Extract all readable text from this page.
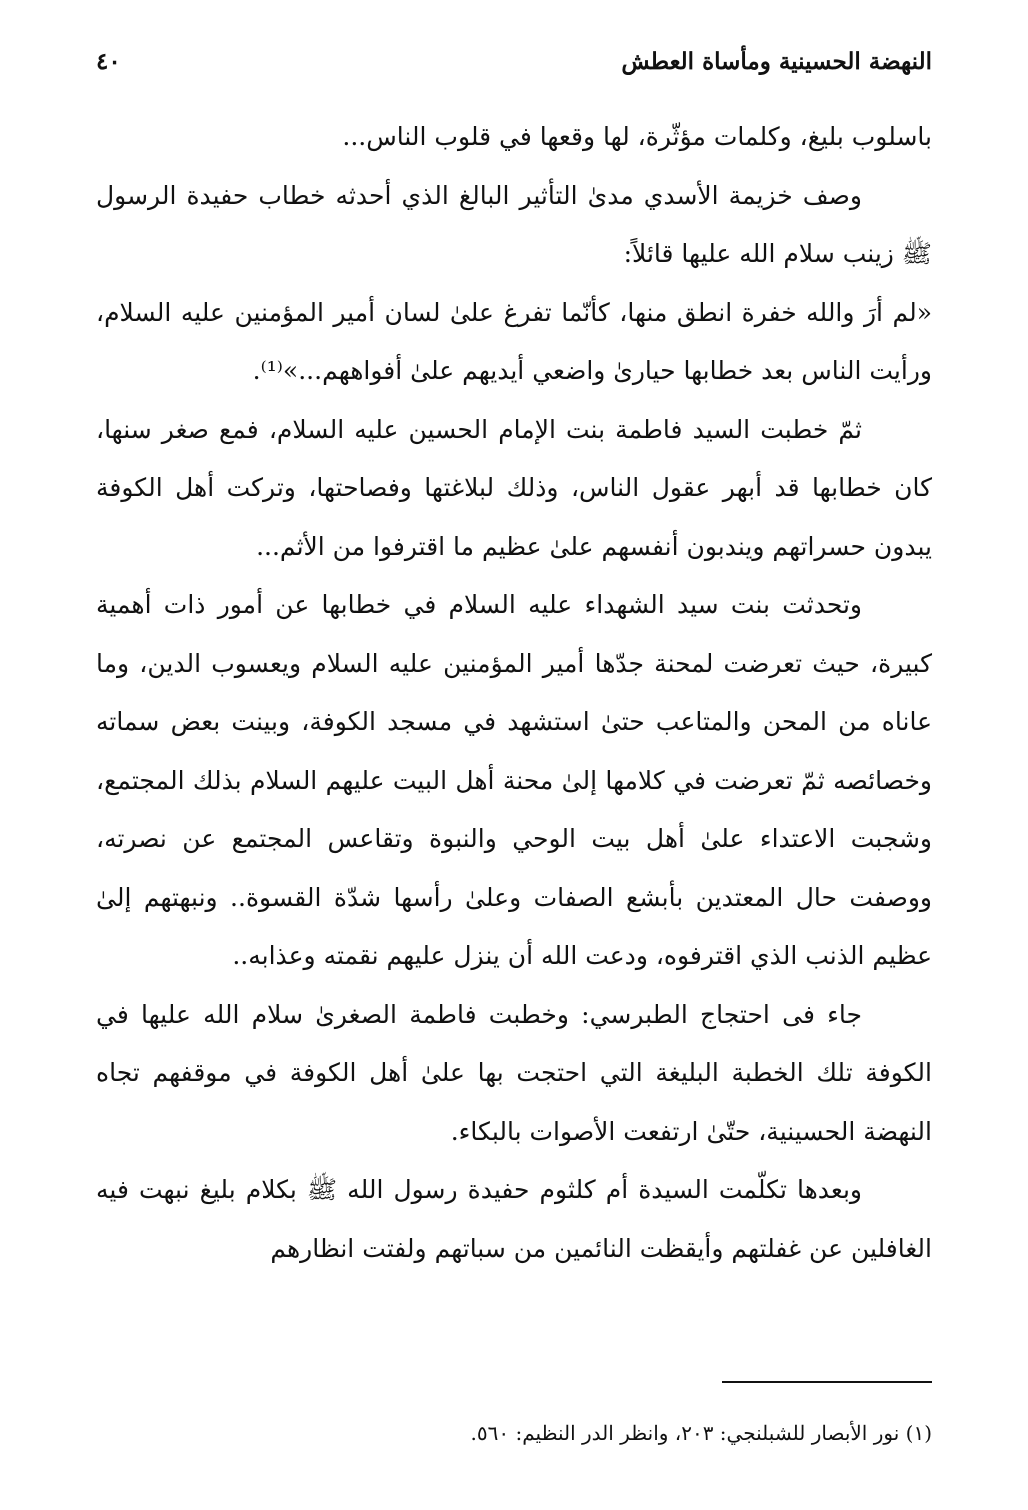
النهضة الحسينية ومأساة العطش
٤٠

باسلوب بليغ، وكلمات مؤثّرة، لها وقعها في قلوب الناس...

وصف خزيمة الأسدي مدىٰ التأثير البالغ الذي أحدثه خطاب حفيدة الرسول ﷺ زينب سلام الله عليها قائلاً:

«لم أرَ والله خفرة انطق منها، كأنّما تفرغ علىٰ لسان أمير المؤمنين عليه السلام، ورأيت الناس بعد خطابها حيارىٰ واضعي أيديهم علىٰ أفواههم...»⁽¹⁾.

ثمّ خطبت السيد فاطمة بنت الإمام الحسين عليه السلام، فمع صغر سنها، كان خطابها قد أبهر عقول الناس، وذلك لبلاغتها وفصاحتها، وتركت أهل الكوفة يبدون حسراتهم ويندبون أنفسهم علىٰ عظيم ما اقترفوا من الأثم...

وتحدثت بنت سيد الشهداء عليه السلام في خطابها عن أمور ذات أهمية كبيرة، حيث تعرضت لمحنة جدّها أمير المؤمنين عليه السلام ويعسوب الدين، وما عاناه من المحن والمتاعب حتىٰ استشهد في مسجد الكوفة، وبينت بعض سماته وخصائصه ثمّ تعرضت في كلامها إلىٰ محنة أهل البيت عليهم السلام بذلك المجتمع، وشجبت الاعتداء علىٰ أهل بيت الوحي والنبوة وتقاعس المجتمع عن نصرته، ووصفت حال المعتدين بأبشع الصفات وعلىٰ رأسها شدّة القسوة.. ونبهتهم إلىٰ عظيم الذنب الذي اقترفوه، ودعت الله أن ينزل عليهم نقمته وعذابه..

جاء فى احتجاج الطبرسي: وخطبت فاطمة الصغرىٰ سلام الله عليها في الكوفة تلك الخطبة البليغة التي احتجت بها علىٰ أهل الكوفة في موقفهم تجاه النهضة الحسينية، حتّىٰ ارتفعت الأصوات بالبكاء.

وبعدها تكلّمت السيدة أم كلثوم حفيدة رسول الله ﷺ بكلام بليغ نبهت فيه الغافلين عن غفلتهم وأيقظت النائمين من سباتهم ولفتت انظارهم

(١) نور الأبصار للشبلنجي: ٢٠٣، وانظر الدر النظيم: ٥٦٠.
